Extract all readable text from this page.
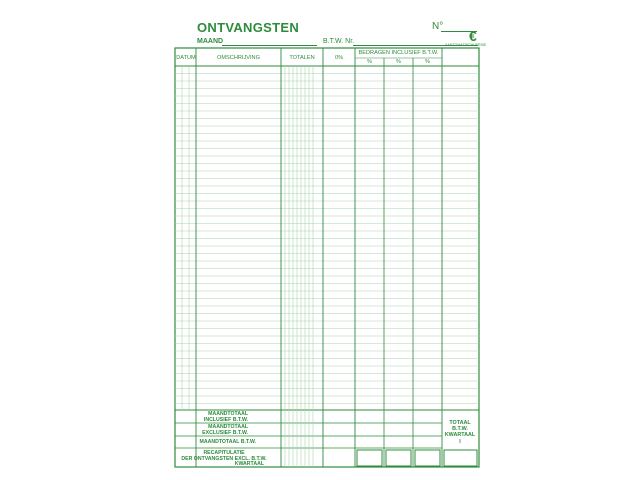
ONTVANGSTEN	N°
€
AANTOMATISCHVERSIE
MAAND	B.T.W. Nr.
DATUM	OMSCHRIJVING	TOTALEN	0%
BEDRAGEN INCLUSIEF B.T.W.
%	%	%
MAANDTOTAAL
INCLUSIEF B.T.W.
MAANDTOTAAL
EXCLUSIEF B.T.W.
MAANDTOTAAL B.T.W.
RECAPITULATIE
DER ONTVANGSTEN EXCL. B.T.W.
KWARTAAL
TOTAAL
B.T.W.
KWARTAAL
I
